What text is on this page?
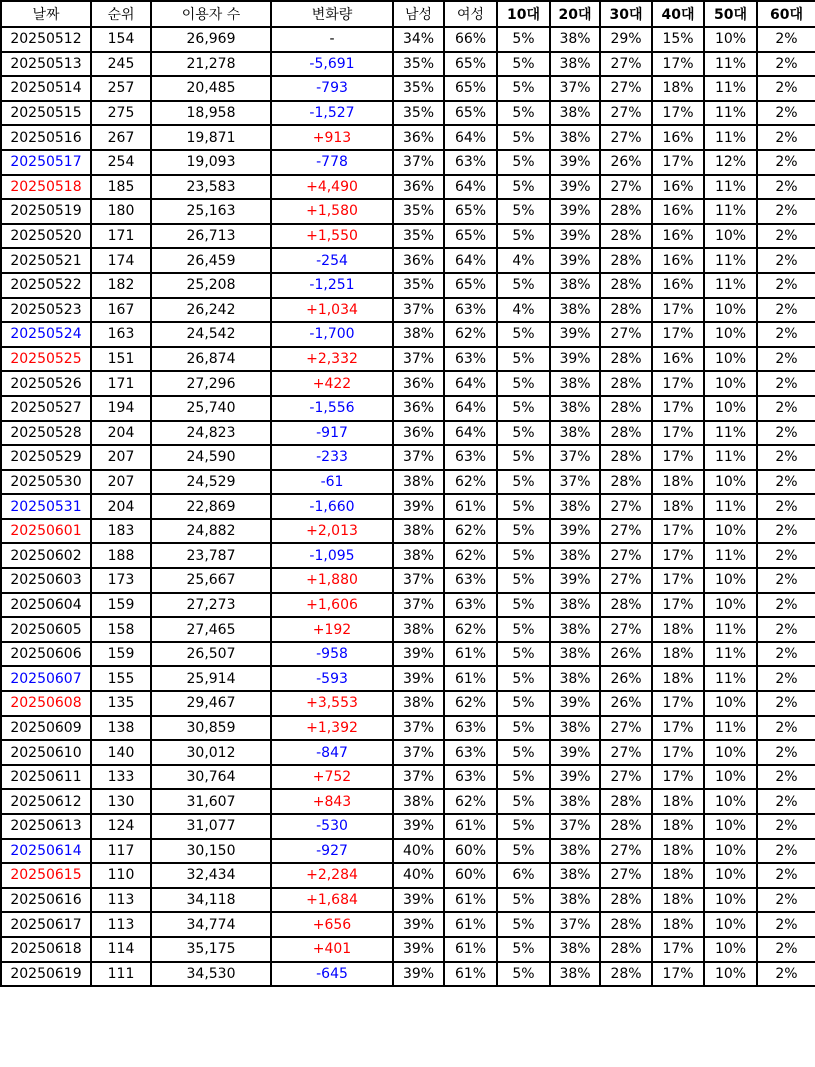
날짜	순위	이용자 수	변화량	남성	여성	10대	20대	30대	40대	50대	60대
20250512	154	26,969	-	34%	66%	5%	38%	29%	15%	10%	2%
20250513	245	21,278	-5,691	35%	65%	5%	38%	27%	17%	11%	2%
20250514	257	20,485	-793	35%	65%	5%	37%	27%	18%	11%	2%
20250515	275	18,958	-1,527	35%	65%	5%	38%	27%	17%	11%	2%
20250516	267	19,871	+913	36%	64%	5%	38%	27%	16%	11%	2%
20250517	254	19,093	-778	37%	63%	5%	39%	26%	17%	12%	2%
20250518	185	23,583	+4,490	36%	64%	5%	39%	27%	16%	11%	2%
20250519	180	25,163	+1,580	35%	65%	5%	39%	28%	16%	11%	2%
20250520	171	26,713	+1,550	35%	65%	5%	39%	28%	16%	10%	2%
20250521	174	26,459	-254	36%	64%	4%	39%	28%	16%	11%	2%
20250522	182	25,208	-1,251	35%	65%	5%	38%	28%	16%	11%	2%
20250523	167	26,242	+1,034	37%	63%	4%	38%	28%	17%	10%	2%
20250524	163	24,542	-1,700	38%	62%	5%	39%	27%	17%	10%	2%
20250525	151	26,874	+2,332	37%	63%	5%	39%	28%	16%	10%	2%
20250526	171	27,296	+422	36%	64%	5%	38%	28%	17%	10%	2%
20250527	194	25,740	-1,556	36%	64%	5%	38%	28%	17%	10%	2%
20250528	204	24,823	-917	36%	64%	5%	38%	28%	17%	11%	2%
20250529	207	24,590	-233	37%	63%	5%	37%	28%	17%	11%	2%
20250530	207	24,529	-61	38%	62%	5%	37%	28%	18%	10%	2%
20250531	204	22,869	-1,660	39%	61%	5%	38%	27%	18%	11%	2%
20250601	183	24,882	+2,013	38%	62%	5%	39%	27%	17%	10%	2%
20250602	188	23,787	-1,095	38%	62%	5%	38%	27%	17%	11%	2%
20250603	173	25,667	+1,880	37%	63%	5%	39%	27%	17%	10%	2%
20250604	159	27,273	+1,606	37%	63%	5%	38%	28%	17%	10%	2%
20250605	158	27,465	+192	38%	62%	5%	38%	27%	18%	11%	2%
20250606	159	26,507	-958	39%	61%	5%	38%	26%	18%	11%	2%
20250607	155	25,914	-593	39%	61%	5%	38%	26%	18%	11%	2%
20250608	135	29,467	+3,553	38%	62%	5%	39%	26%	17%	10%	2%
20250609	138	30,859	+1,392	37%	63%	5%	38%	27%	17%	11%	2%
20250610	140	30,012	-847	37%	63%	5%	39%	27%	17%	10%	2%
20250611	133	30,764	+752	37%	63%	5%	39%	27%	17%	10%	2%
20250612	130	31,607	+843	38%	62%	5%	38%	28%	18%	10%	2%
20250613	124	31,077	-530	39%	61%	5%	37%	28%	18%	10%	2%
20250614	117	30,150	-927	40%	60%	5%	38%	27%	18%	10%	2%
20250615	110	32,434	+2,284	40%	60%	6%	38%	27%	18%	10%	2%
20250616	113	34,118	+1,684	39%	61%	5%	38%	28%	18%	10%	2%
20250617	113	34,774	+656	39%	61%	5%	37%	28%	18%	10%	2%
20250618	114	35,175	+401	39%	61%	5%	38%	28%	17%	10%	2%
20250619	111	34,530	-645	39%	61%	5%	38%	28%	17%	10%	2%
